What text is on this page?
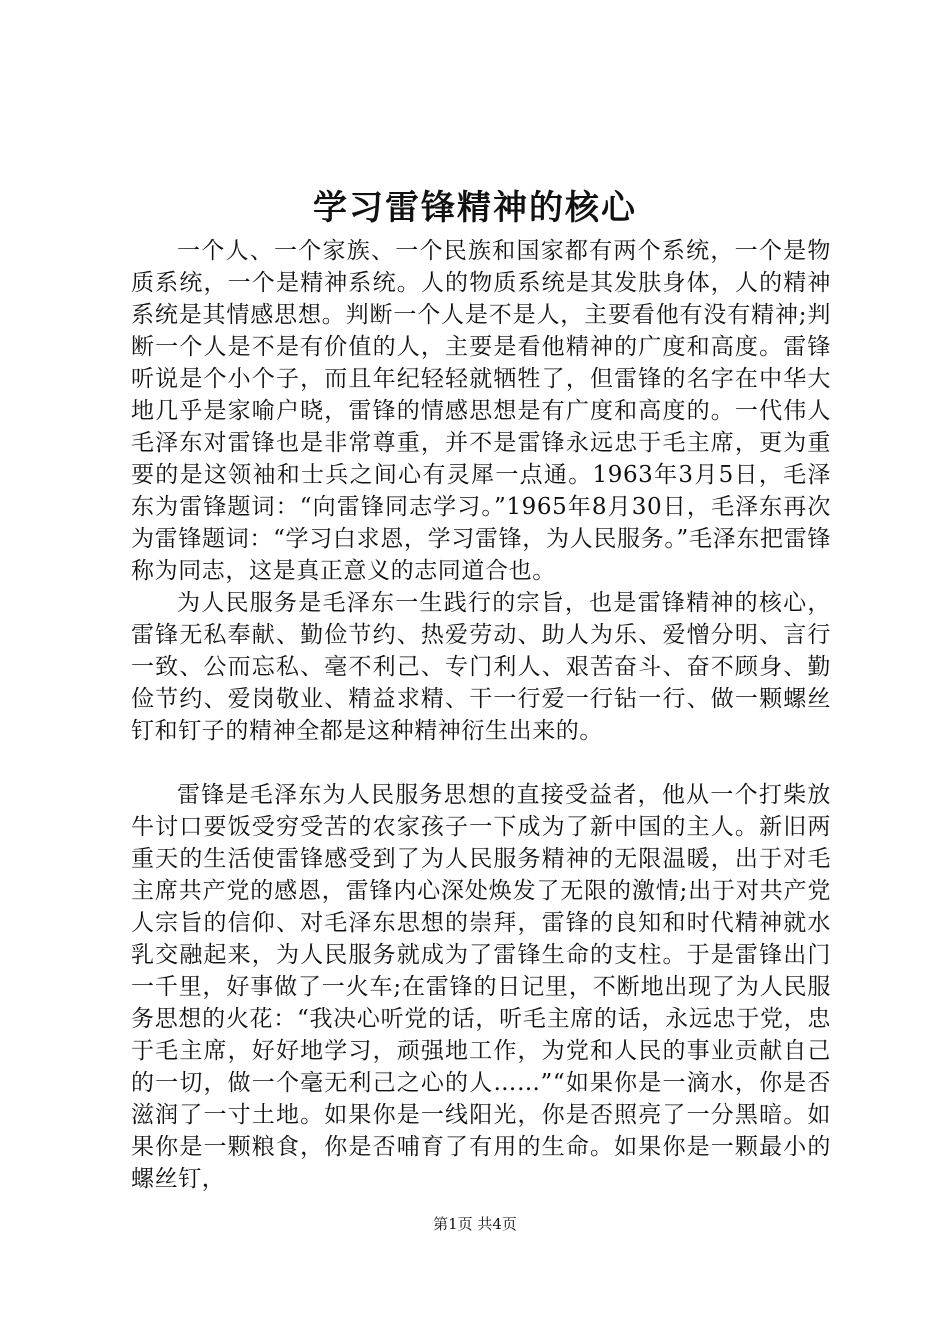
学习雷锋精神的核心

一个人、一个家族、一个民族和国家都有两个系统，一个是物质系统，一个是精神系统。人的物质系统是其发肤身体，人的精神系统是其情感思想。判断一个人是不是人，主要看他有没有精神;判断一个人是不是有价值的人，主要是看他精神的广度和高度。雷锋听说是个小个子，而且年纪轻轻就牺牲了，但雷锋的名字在中华大地几乎是家喻户晓，雷锋的情感思想是有广度和高度的。一代伟人毛泽东对雷锋也是非常尊重，并不是雷锋永远忠于毛主席，更为重要的是这领袖和士兵之间心有灵犀一点通。1963年3月5日，毛泽东为雷锋题词：“向雷锋同志学习。”1965年8月30日，毛泽东再次为雷锋题词：“学习白求恩，学习雷锋，为人民服务。”毛泽东把雷锋称为同志，这是真正意义的志同道合也。

为人民服务是毛泽东一生践行的宗旨，也是雷锋精神的核心，雷锋无私奉献、勤俭节约、热爱劳动、助人为乐、爱憎分明、言行一致、公而忘私、毫不利己、专门利人、艰苦奋斗、奋不顾身、勤俭节约、爱岗敬业、精益求精、干一行爱一行钻一行、做一颗螺丝钉和钉子的精神全都是这种精神衍生出来的。

雷锋是毛泽东为人民服务思想的直接受益者，他从一个打柴放牛讨口要饭受穷受苦的农家孩子一下成为了新中国的主人。新旧两重天的生活使雷锋感受到了为人民服务精神的无限温暖，出于对毛主席共产党的感恩，雷锋内心深处焕发了无限的激情;出于对共产党人宗旨的信仰、对毛泽东思想的崇拜，雷锋的良知和时代精神就水乳交融起来，为人民服务就成为了雷锋生命的支柱。于是雷锋出门一千里，好事做了一火车;在雷锋的日记里，不断地出现了为人民服务思想的火花：“我决心听党的话，听毛主席的话，永远忠于党，忠于毛主席，好好地学习，顽强地工作，为党和人民的事业贡献自己的一切，做一个毫无利己之心的人……”“如果你是一滴水，你是否滋润了一寸土地。如果你是一线阳光，你是否照亮了一分黑暗。如果你是一颗粮食，你是否哺育了有用的生命。如果你是一颗最小的螺丝钉，

第1页 共4页
